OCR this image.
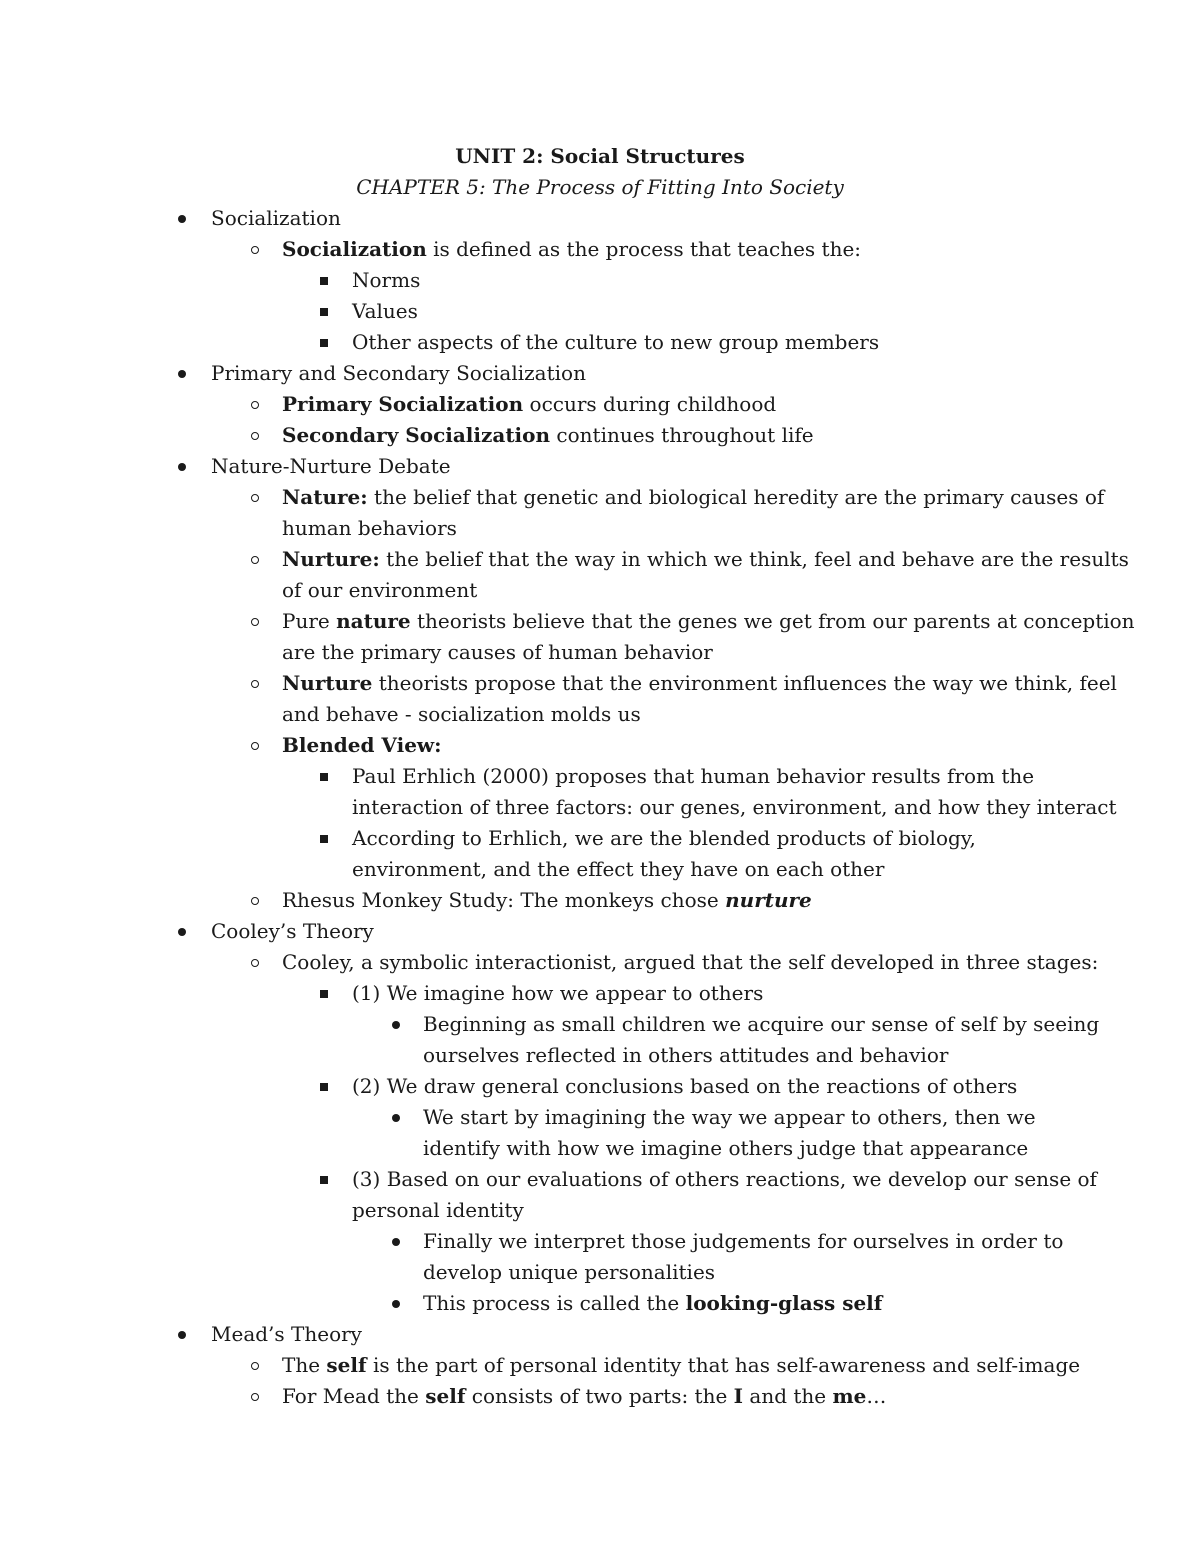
UNIT 2: Social Structures
CHAPTER 5: The Process of Fitting Into Society
Socialization
Socialization is defined as the process that teaches the:
Norms
Values
Other aspects of the culture to new group members
Primary and Secondary Socialization
Primary Socialization occurs during childhood
Secondary Socialization continues throughout life
Nature-Nurture Debate
Nature: the belief that genetic and biological heredity are the primary causes of
human behaviors
Nurture: the belief that the way in which we think, feel and behave are the results
of our environment
Pure nature theorists believe that the genes we get from our parents at conception
are the primary causes of human behavior
Nurture theorists propose that the environment influences the way we think, feel
and behave - socialization molds us
Blended View:
Paul Erhlich (2000) proposes that human behavior results from the
interaction of three factors: our genes, environment, and how they interact
According to Erhlich, we are the blended products of biology,
environment, and the effect they have on each other
Rhesus Monkey Study: The monkeys chose nurture
Cooley’s Theory
Cooley, a symbolic interactionist, argued that the self developed in three stages:
(1) We imagine how we appear to others
Beginning as small children we acquire our sense of self by seeing
ourselves reflected in others attitudes and behavior
(2) We draw general conclusions based on the reactions of others
We start by imagining the way we appear to others, then we
identify with how we imagine others judge that appearance
(3) Based on our evaluations of others reactions, we develop our sense of
personal identity
Finally we interpret those judgements for ourselves in order to
develop unique personalities
This process is called the looking-glass self
Mead’s Theory
The self is the part of personal identity that has self-awareness and self-image
For Mead the self consists of two parts: the I and the me…
